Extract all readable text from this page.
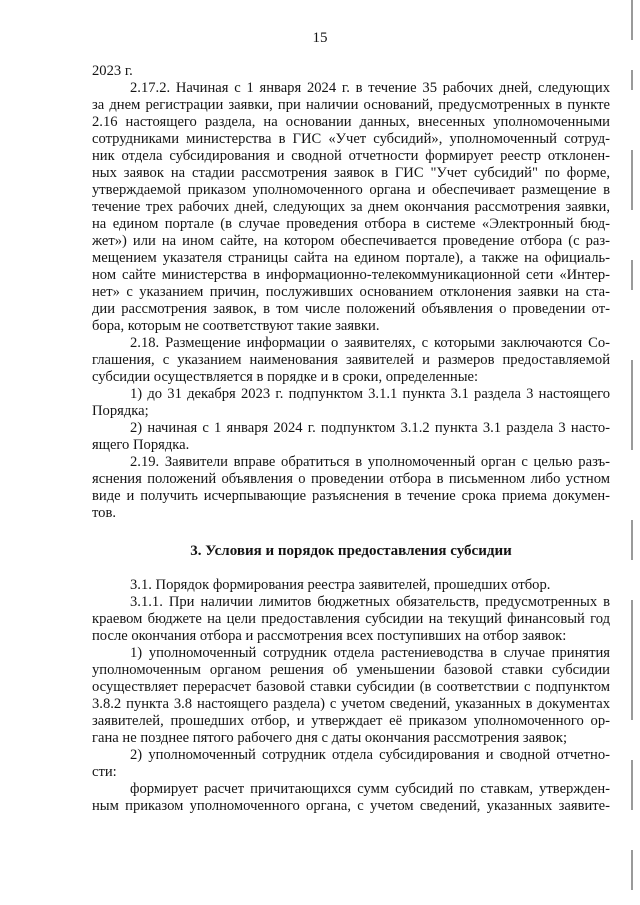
15
2023 г.
2.17.2. Начиная с 1 января 2024 г. в течение 35 рабочих дней, следующих
за днем регистрации заявки, при наличии оснований, предусмотренных в пункте
2.16 настоящего раздела, на основании данных, внесенных уполномоченными
сотрудниками министерства в ГИС «Учет субсидий», уполномоченный сотруд-
ник отдела субсидирования и сводной отчетности формирует реестр отклонен-
ных заявок на стадии рассмотрения заявок в ГИС "Учет субсидий" по форме,
утверждаемой приказом уполномоченного органа и обеспечивает размещение в
течение трех рабочих дней, следующих за днем окончания рассмотрения заявки,
на едином портале (в случае проведения отбора в системе «Электронный бюд-
жет») или на ином сайте, на котором обеспечивается проведение отбора (с раз-
мещением указателя страницы сайта на едином портале), а также на официаль-
ном сайте министерства в информационно-телекоммуникационной сети «Интер-
нет» с указанием причин, послуживших основанием отклонения заявки на ста-
дии рассмотрения заявок, в том числе положений объявления о проведении от-
бора, которым не соответствуют такие заявки.
2.18. Размещение информации о заявителях, с которыми заключаются Со-
глашения, с указанием наименования заявителей и размеров предоставляемой
субсидии осуществляется в порядке и в сроки, определенные:
1) до 31 декабря 2023 г. подпунктом 3.1.1 пункта 3.1 раздела 3 настоящего
Порядка;
2) начиная с 1 января 2024 г. подпунктом 3.1.2 пункта 3.1 раздела 3 насто-
ящего Порядка.
2.19. Заявители вправе обратиться в уполномоченный орган с целью разъ-
яснения положений объявления о проведении отбора в письменном либо устном
виде и получить исчерпывающие разъяснения в течение срока приема докумен-
тов.
3. Условия и порядок предоставления субсидии
3.1. Порядок формирования реестра заявителей, прошедших отбор.
3.1.1. При наличии лимитов бюджетных обязательств, предусмотренных в
краевом бюджете на цели предоставления субсидии на текущий финансовый год
после окончания отбора и рассмотрения всех поступивших на отбор заявок:
1) уполномоченный сотрудник отдела растениеводства в случае принятия
уполномоченным органом решения об уменьшении базовой ставки субсидии
осуществляет перерасчет базовой ставки субсидии (в соответствии с подпунктом
3.8.2 пункта 3.8 настоящего раздела) с учетом сведений, указанных в документах
заявителей, прошедших отбор, и утверждает её приказом уполномоченного ор-
гана не позднее пятого рабочего дня с даты окончания рассмотрения заявок;
2) уполномоченный сотрудник отдела субсидирования и сводной отчетно-
сти:
формирует расчет причитающихся сумм субсидий по ставкам, утвержден-
ным приказом уполномоченного органа, с учетом сведений, указанных заявите-
